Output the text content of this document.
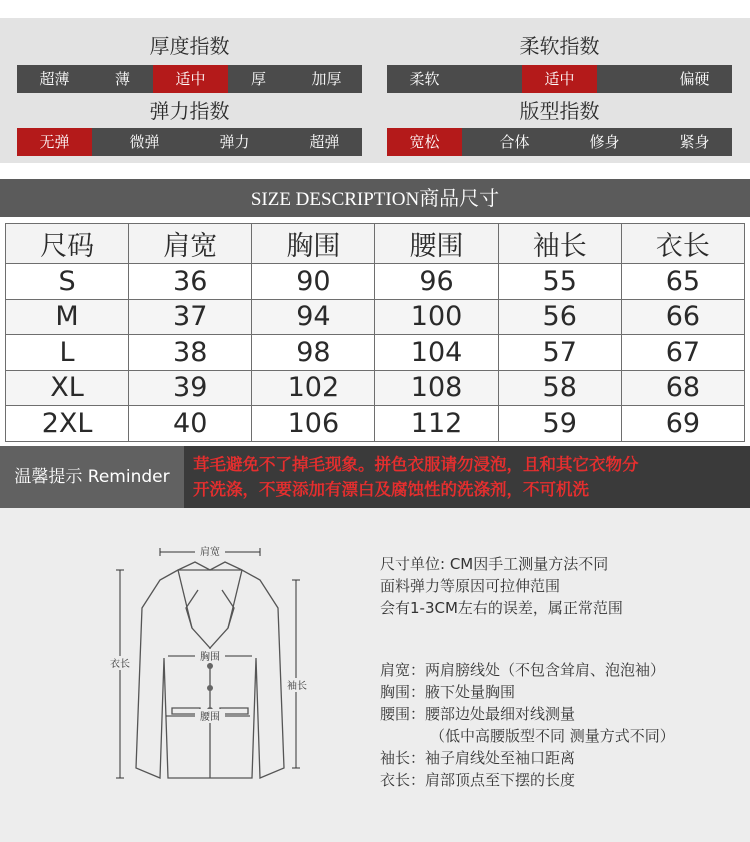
厚度指数
超薄	薄	适中	厚	加厚
柔软指数
柔软	适中	偏硬
弹力指数
无弹	微弹	弹力	超弹
版型指数
宽松	合体	修身	紧身
SIZE DESCRIPTION商品尺寸
尺码	肩宽	胸围	腰围	袖长	衣长
S	36	90	96	55	65
M	37	94	100	56	66
L	38	98	104	57	67
XL	39	102	108	58	68
2XL	40	106	112	59	69
温馨提示 Reminder
茸毛避免不了掉毛现象。拼色衣服请勿浸泡，且和其它衣物分
开洗涤，不要添加有漂白及腐蚀性的洗涤剂，不可机洗
肩宽
胸围
腰围
衣长
袖长
尺寸单位: CM因手工测量方法不同
面料弹力等原因可拉伸范围
会有1-3CM左右的误差，属正常范围
肩宽：两肩膀线处（不包含耸肩、泡泡袖）
胸围：腋下处量胸围
腰围：腰部边处最细对线测量
（低中高腰版型不同 测量方式不同）
袖长：袖子肩线处至袖口距离
衣长：肩部顶点至下摆的长度
